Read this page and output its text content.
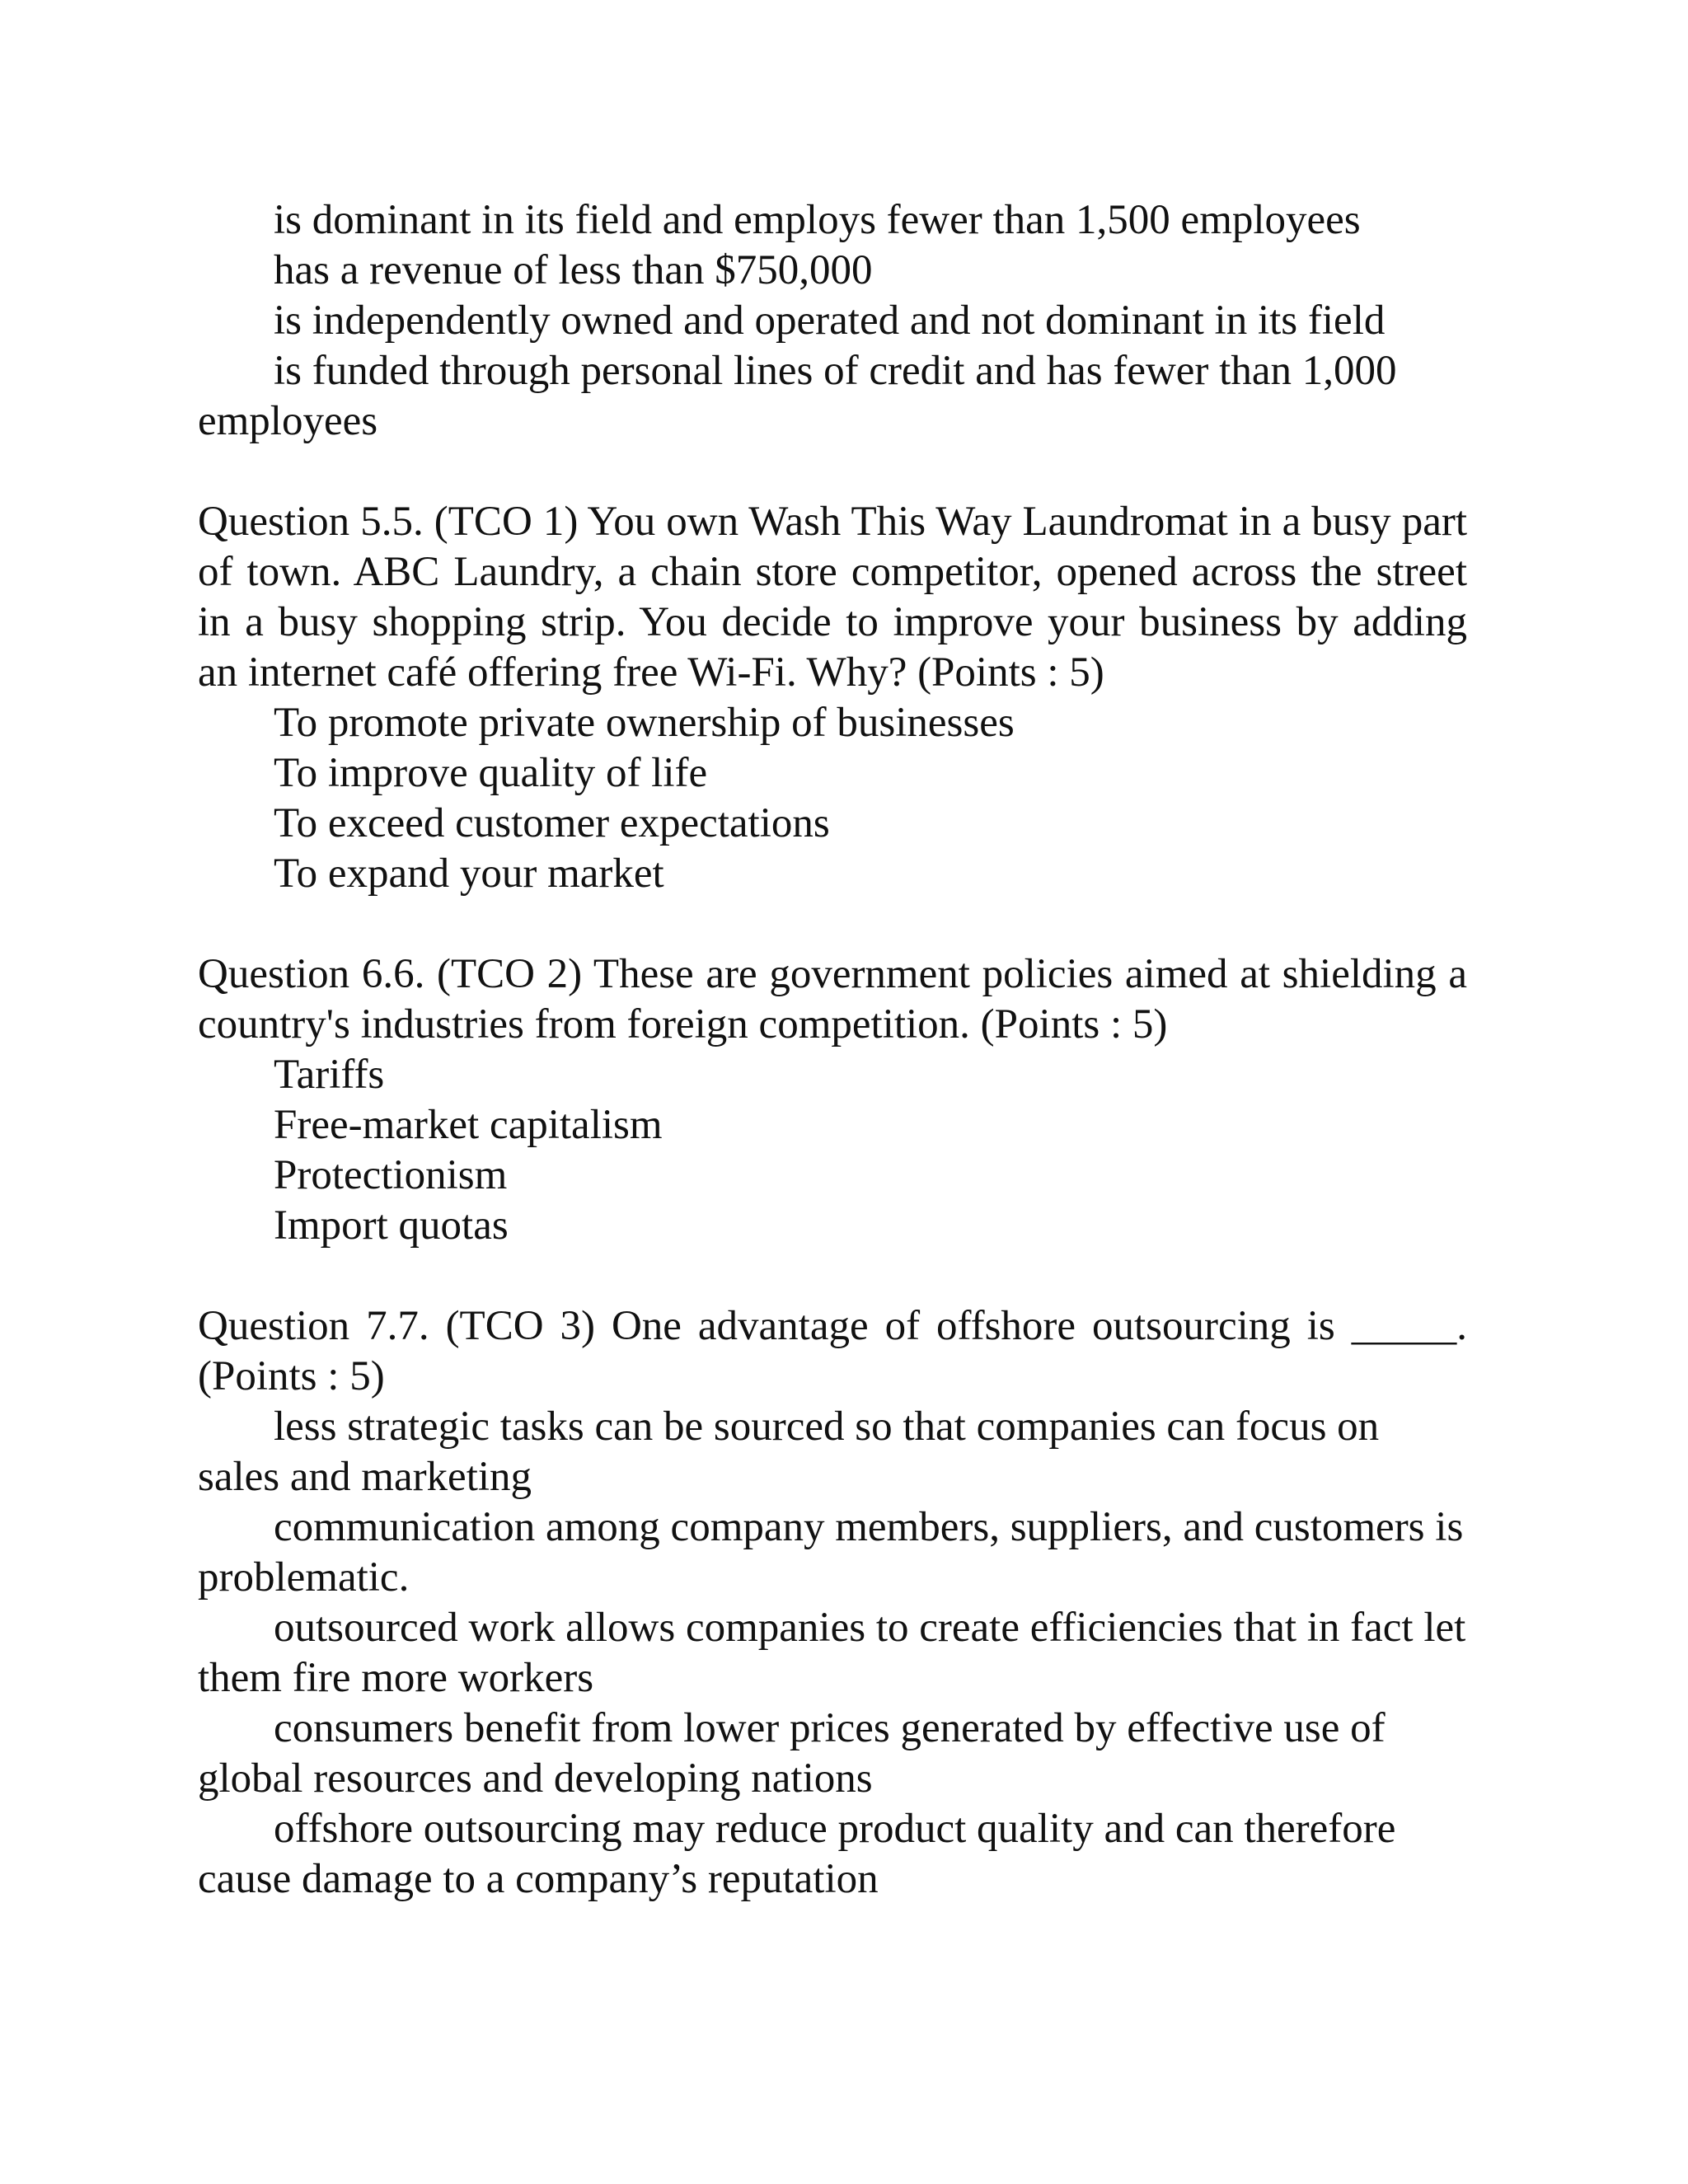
is dominant in its field and employs fewer than 1,500 employees

has a revenue of less than $750,000

is independently owned and operated and not dominant in its field

is funded through personal lines of credit and has fewer than 1,000 employees

Question 5.5. (TCO 1) You own Wash This Way Laundromat in a busy part of town. ABC Laundry, a chain store competitor, opened across the street in a busy shopping strip. You decide to improve your business by adding an internet café offering free Wi-Fi. Why? (Points : 5)

To promote private ownership of businesses

To improve quality of life

To exceed customer expectations

To expand your market

Question 6.6. (TCO 2) These are government policies aimed at shielding a country's industries from foreign competition. (Points : 5)

Tariffs

Free-market capitalism

Protectionism

Import quotas

Question 7.7. (TCO 3) One advantage of offshore outsourcing is _____. (Points : 5)

less strategic tasks can be sourced so that companies can focus on sales and marketing

communication among company members, suppliers, and customers is problematic.

outsourced work allows companies to create efficiencies that in fact let them fire more workers

consumers benefit from lower prices generated by effective use of global resources and developing nations

offshore outsourcing may reduce product quality and can therefore cause damage to a company’s reputation
